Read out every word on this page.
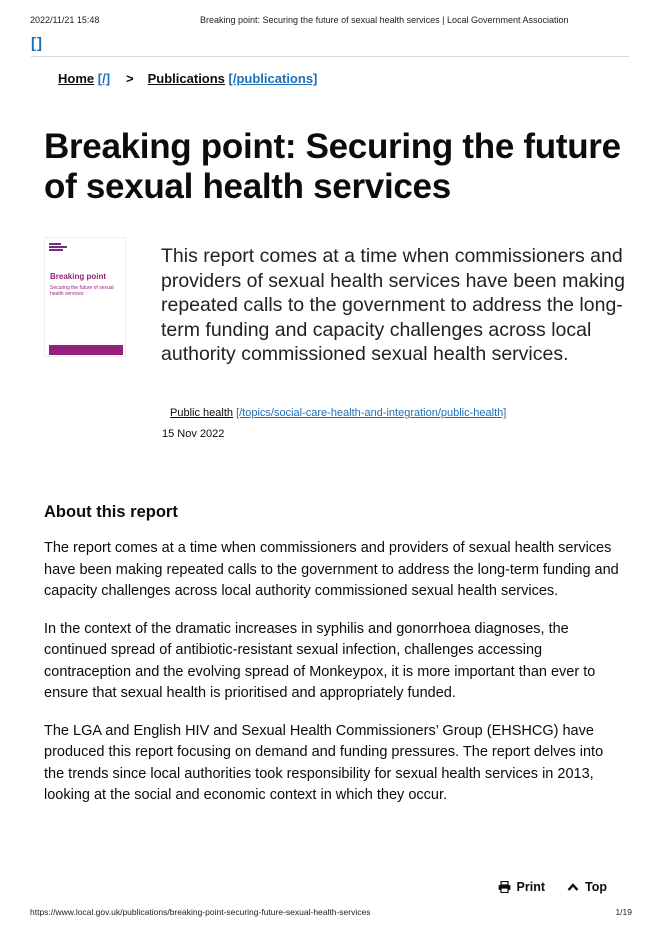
2022/11/21 15:48	Breaking point: Securing the future of sexual health services | Local Government Association
[]
Home [/] > Publications [/publications]
Breaking point: Securing the future of sexual health services
Breaking point
Securing the future of sexual health services

This report comes at a time when commissioners and providers of sexual health services have been making repeated calls to the government to address the long-term funding and capacity challenges across local authority commissioned sexual health services.

Public health [/topics/social-care-health-and-integration/public-health]
15 Nov 2022
About this report

The report comes at a time when commissioners and providers of sexual health services have been making repeated calls to the government to address the long-term funding and capacity challenges across local authority commissioned sexual health services.

In the context of the dramatic increases in syphilis and gonorrhoea diagnoses, the continued spread of antibiotic-resistant sexual infection, challenges accessing contraception and the evolving spread of Monkeypox, it is more important than ever to ensure that sexual health is prioritised and appropriately funded.

The LGA and English HIV and Sexual Health Commissioners’ Group (EHSHCG) have produced this report focusing on demand and funding pressures. The report delves into the trends since local authorities took responsibility for sexual health services in 2013, looking at the social and economic context in which they occur.

Print	Top
https://www.local.gov.uk/publications/breaking-point-securing-future-sexual-health-services	1/19
